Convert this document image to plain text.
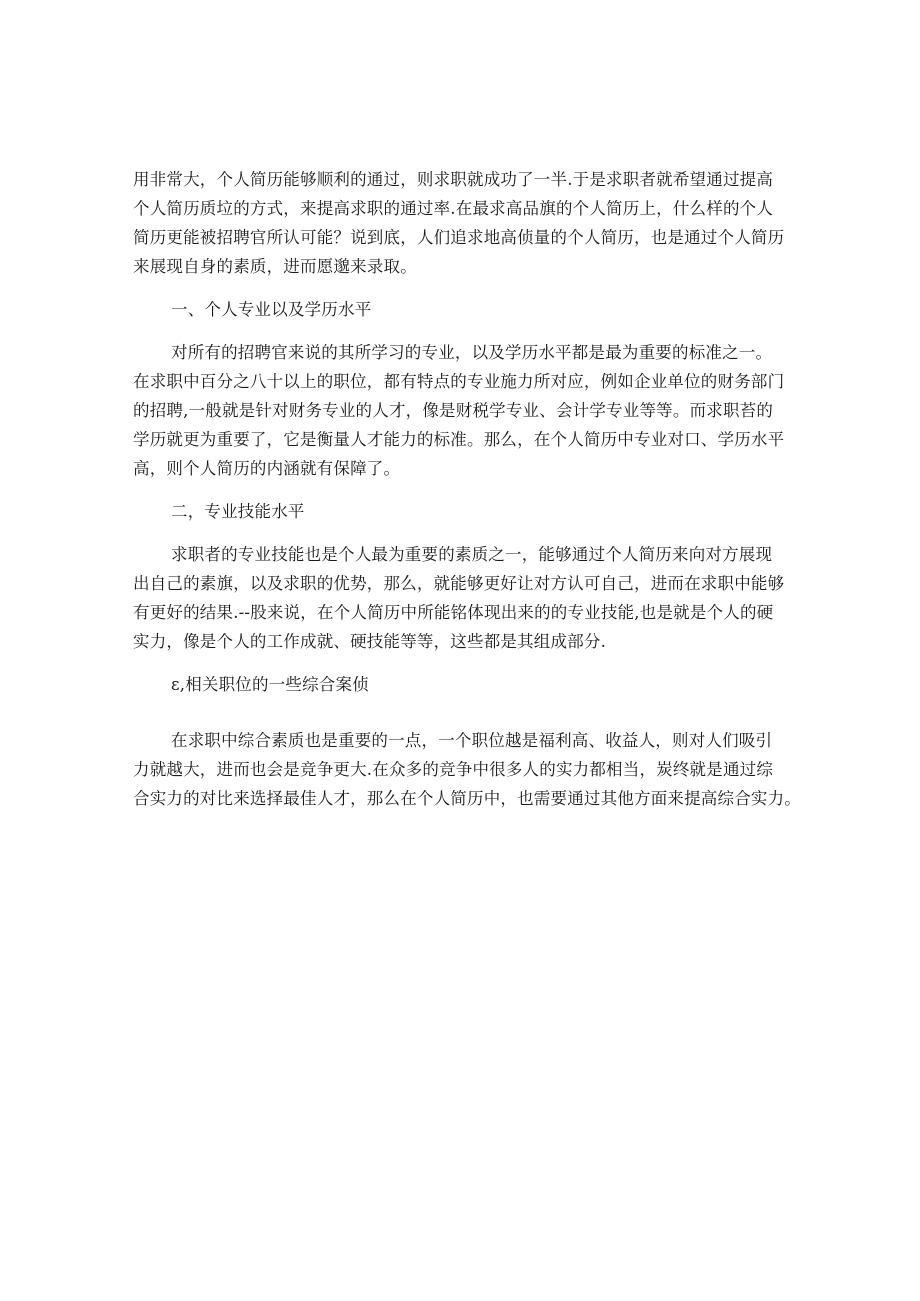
用非常大，个人简历能够顺利的通过，则求职就成功了一半.于是求职者就希望通过提高
个人简历质垃的方式，来提高求职的通过率.在最求高品旗的个人简历上，什么样的个人
简历更能被招聘官所认可能？说到底，人们追求地高侦量的个人简历，也是通过个人简历
来展现自身的素质，进而愿邈来录取。
一、个人专业以及学历水平
对所有的招聘官来说的其所学习的专业，以及学历水平都是最为重要的标准之一。
在求职中百分之八十以上的职位，都有特点的专业施力所对应，例如企业单位的财务部门
的招聘,一般就是针对财务专业的人才，像是财税学专业、会计学专业等等。而求职苔的
学历就更为重要了，它是衡量人才能力的标准。那么，在个人简历中专业对口、学历水平
高，则个人简历的内涵就有保障了。
二，专业技能水平
求职者的专业技能也是个人最为重要的素质之一，能够通过个人简历来向对方展现
出自己的素旗，以及求职的优势，那么，就能够更好让对方认可自己，进而在求职中能够
有更好的结果.--股来说，在个人简历中所能铭体现出来的的专业技能,也是就是个人的硬
实力，像是个人的工作成就、硬技能等等，这些都是其组成部分.
ɛ,相关职位的一些综合案侦
在求职中综合素质也是重要的一点，一个职位越是福利高、收益人，则对人们吸引
力就越大，进而也会是竞争更大.在众多的竞争中很多人的实力都相当，炭终就是通过综
合实力的对比来选择最佳人才，那么在个人简历中，也需要通过其他方面来提高综合实力。
